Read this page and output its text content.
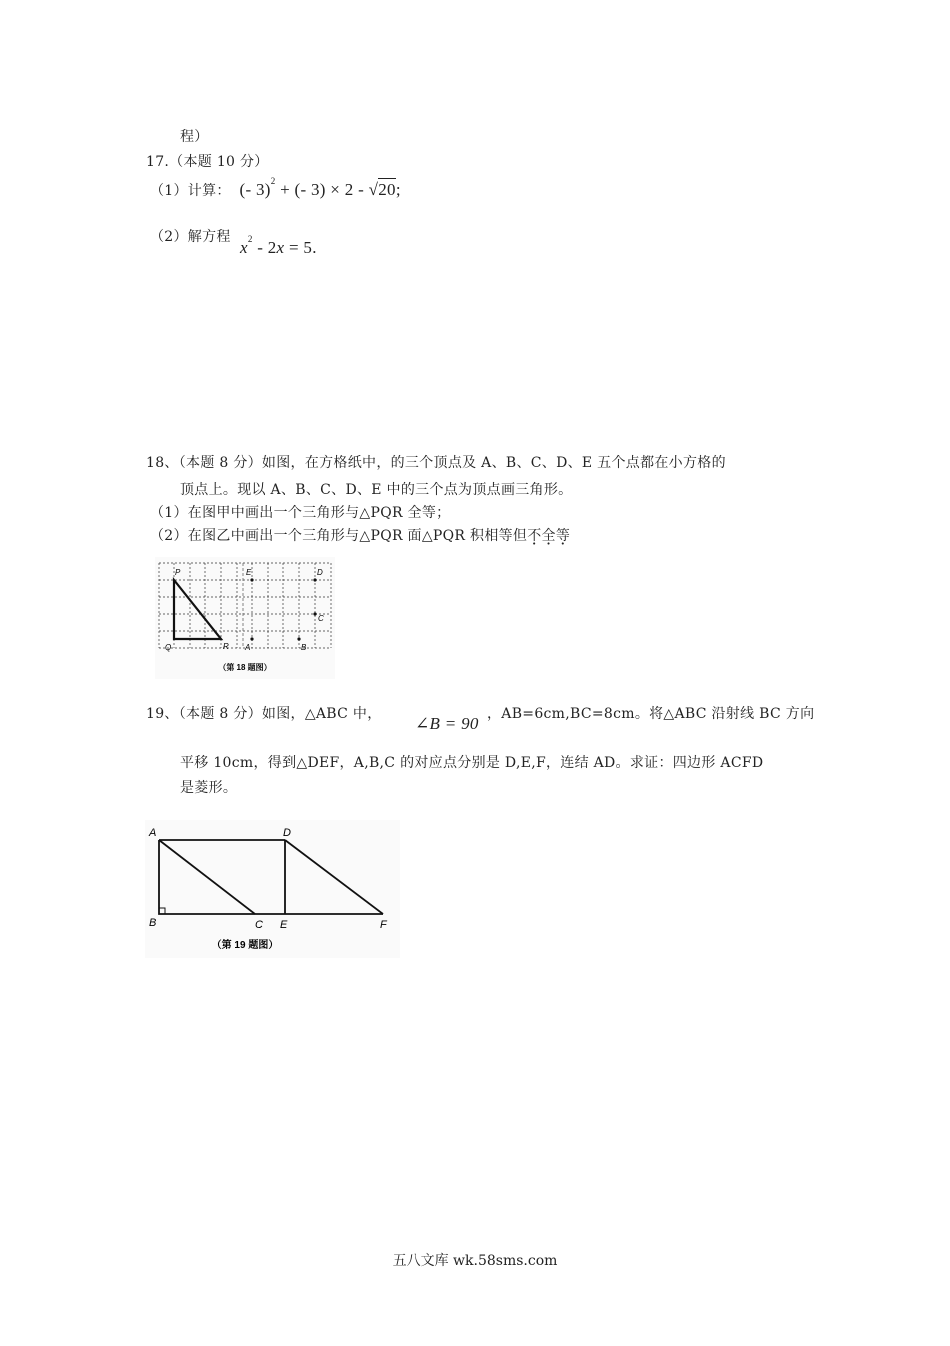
程）
17.（本题 10 分）
（1）计算： (- 3)$^2$ + (- 3) × 2 - √20;
（2）解方程
$x^2 - 2x = 5$.
18、（本题 8 分）如图，在方格纸中，的三个顶点及 A、B、C、D、E 五个点都在小方格的
顶点上。现以 A、B、C、D、E 中的三个点为顶点画三角形。
（1）在图甲中画出一个三角形与△PQR 全等；
（2）在图乙中画出一个三角形与△PQR 面△PQR 积相等但不全等
P
Q	R
E	D
C
A	B
（第 18 题图）
19、（本题 8 分）如图，△ABC 中， ∠B = 90 ，AB=6cm,BC=8cm。将△ABC 沿射线 BC 方向
平移 10cm，得到△DEF，A,B,C 的对应点分别是 D,E,F，连结 AD。求证：四边形 ACFD
是菱形。
A
B	C
D
E	F
（第 19 题图）
五八文库 wk.58sms.com
